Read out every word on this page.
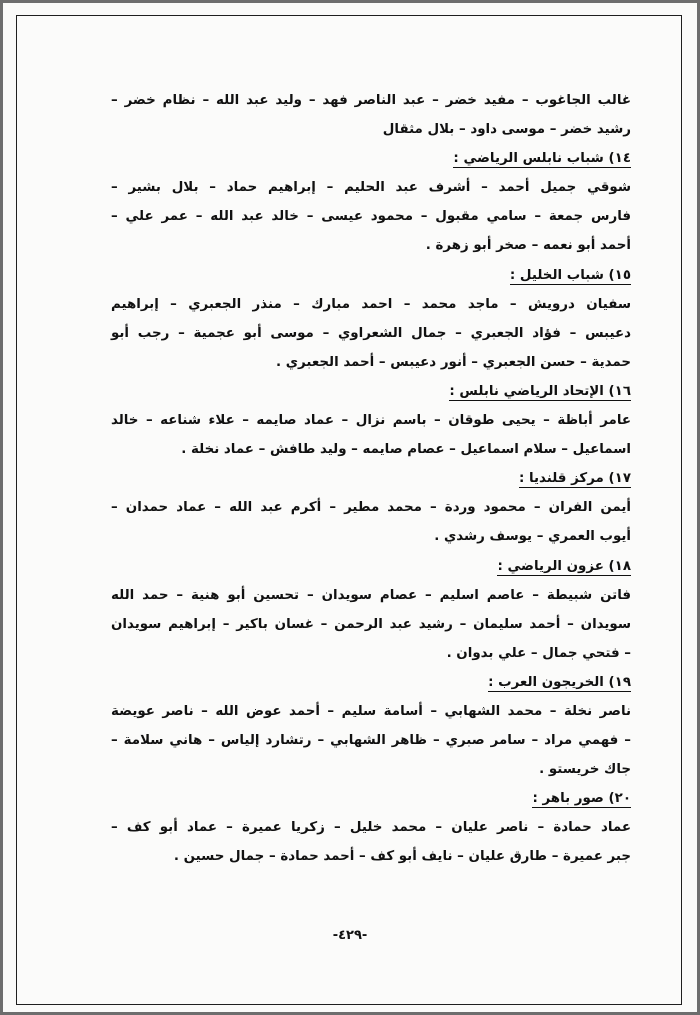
غالب الجاغوب – مفيد خضر – عبد الناصر فهد – وليد عبد الله – نظام خضر –
رشيد خضر – موسى داود – بلال مثقال
١٤) شباب نابلس الرياضي :
شوقي جميل أحمد – أشرف عبد الحليم – إبراهيم حماد – بلال بشير –
فارس جمعة – سامي مقبول – محمود عيسى – خالد عبد الله – عمر علي –
أحمد أبو نعمه – صخر أبو زهرة .
١٥) شباب الخليل :
سفيان درويش – ماجد محمد – احمد مبارك – منذر الجعبري – إبراهيم
دعيبس – فؤاد الجعبري – جمال الشعراوي – موسى أبو عجمية – رجب أبو
حمدية – حسن الجعبري – أنور دعيبس – أحمد الجعبري .
١٦) الإتحاد الرياضي نابلس :
عامر أباظة – يحيى طوقان – باسم نزال – عماد صايمه – علاء شناعه – خالد
اسماعيل – سلام اسماعيل – عصام صايمه – وليد طافش – عماد نخلة .
١٧) مركز قلنديا :
أيمن الفران – محمود وردة – محمد مطير – أكرم عبد الله – عماد حمدان –
أيوب العمري – يوسف رشدي .
١٨) عزون الرياضي :
فاتن شبيطة – عاصم اسليم – عصام سويدان – تحسين أبو هنية – حمد الله
سويدان – أحمد سليمان – رشيد عبد الرحمن – غسان باكير – إبراهيم سويدان
– فتحي جمال – علي بدوان .
١٩) الخريجون العرب :
ناصر نخلة – محمد الشهابي – أسامة سليم – أحمد عوض الله – ناصر عويضة
– فهمي مراد – سامر صبري – ظاهر الشهابي – رتشارد إلياس – هاني سلامة –
جاك خريستو .
٢٠) صور باهر :
عماد حمادة – ناصر عليان – محمد خليل – زكريا عميرة – عماد أبو كف –
جبر عميرة – طارق عليان – نايف أبو كف – أحمد حمادة – جمال حسين .
-٤٢٩-
